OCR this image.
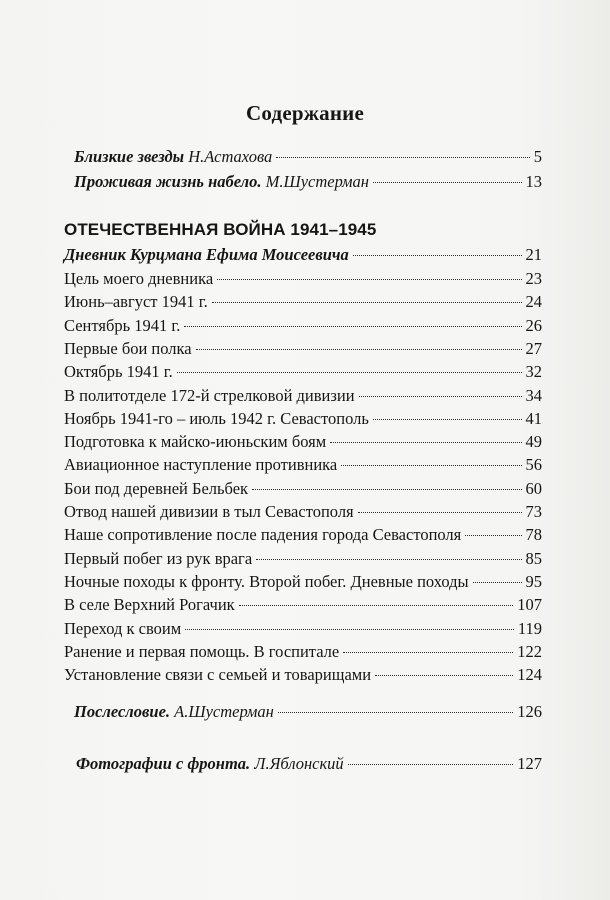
Содержание
Близкие звезды Н.Астахова	5
Проживая жизнь набело. М.Шустерман	13
ОТЕЧЕСТВЕННАЯ ВОЙНА 1941–1945
Дневник Курцмана Ефима Моисеевича	21
Цель моего дневника	23
Июнь–август 1941 г.	24
Сентябрь 1941 г.	26
Первые бои полка	27
Октябрь 1941 г.	32
В политотделе 172-й стрелковой дивизии	34
Ноябрь 1941-го – июль 1942 г. Севастополь	41
Подготовка к майско-июньским боям	49
Авиационное наступление противника	56
Бои под деревней Бельбек	60
Отвод нашей дивизии в тыл Севастополя	73
Наше сопротивление после падения города Севастополя	78
Первый побег из рук врага	85
Ночные походы к фронту. Второй побег. Дневные походы	95
В селе Верхний Рогачик	107
Переход к своим	119
Ранение и первая помощь. В госпитале	122
Установление связи с семьей и товарищами	124
Послесловие. А.Шустерман	126
Фотографии с фронта. Л.Яблонский	127
